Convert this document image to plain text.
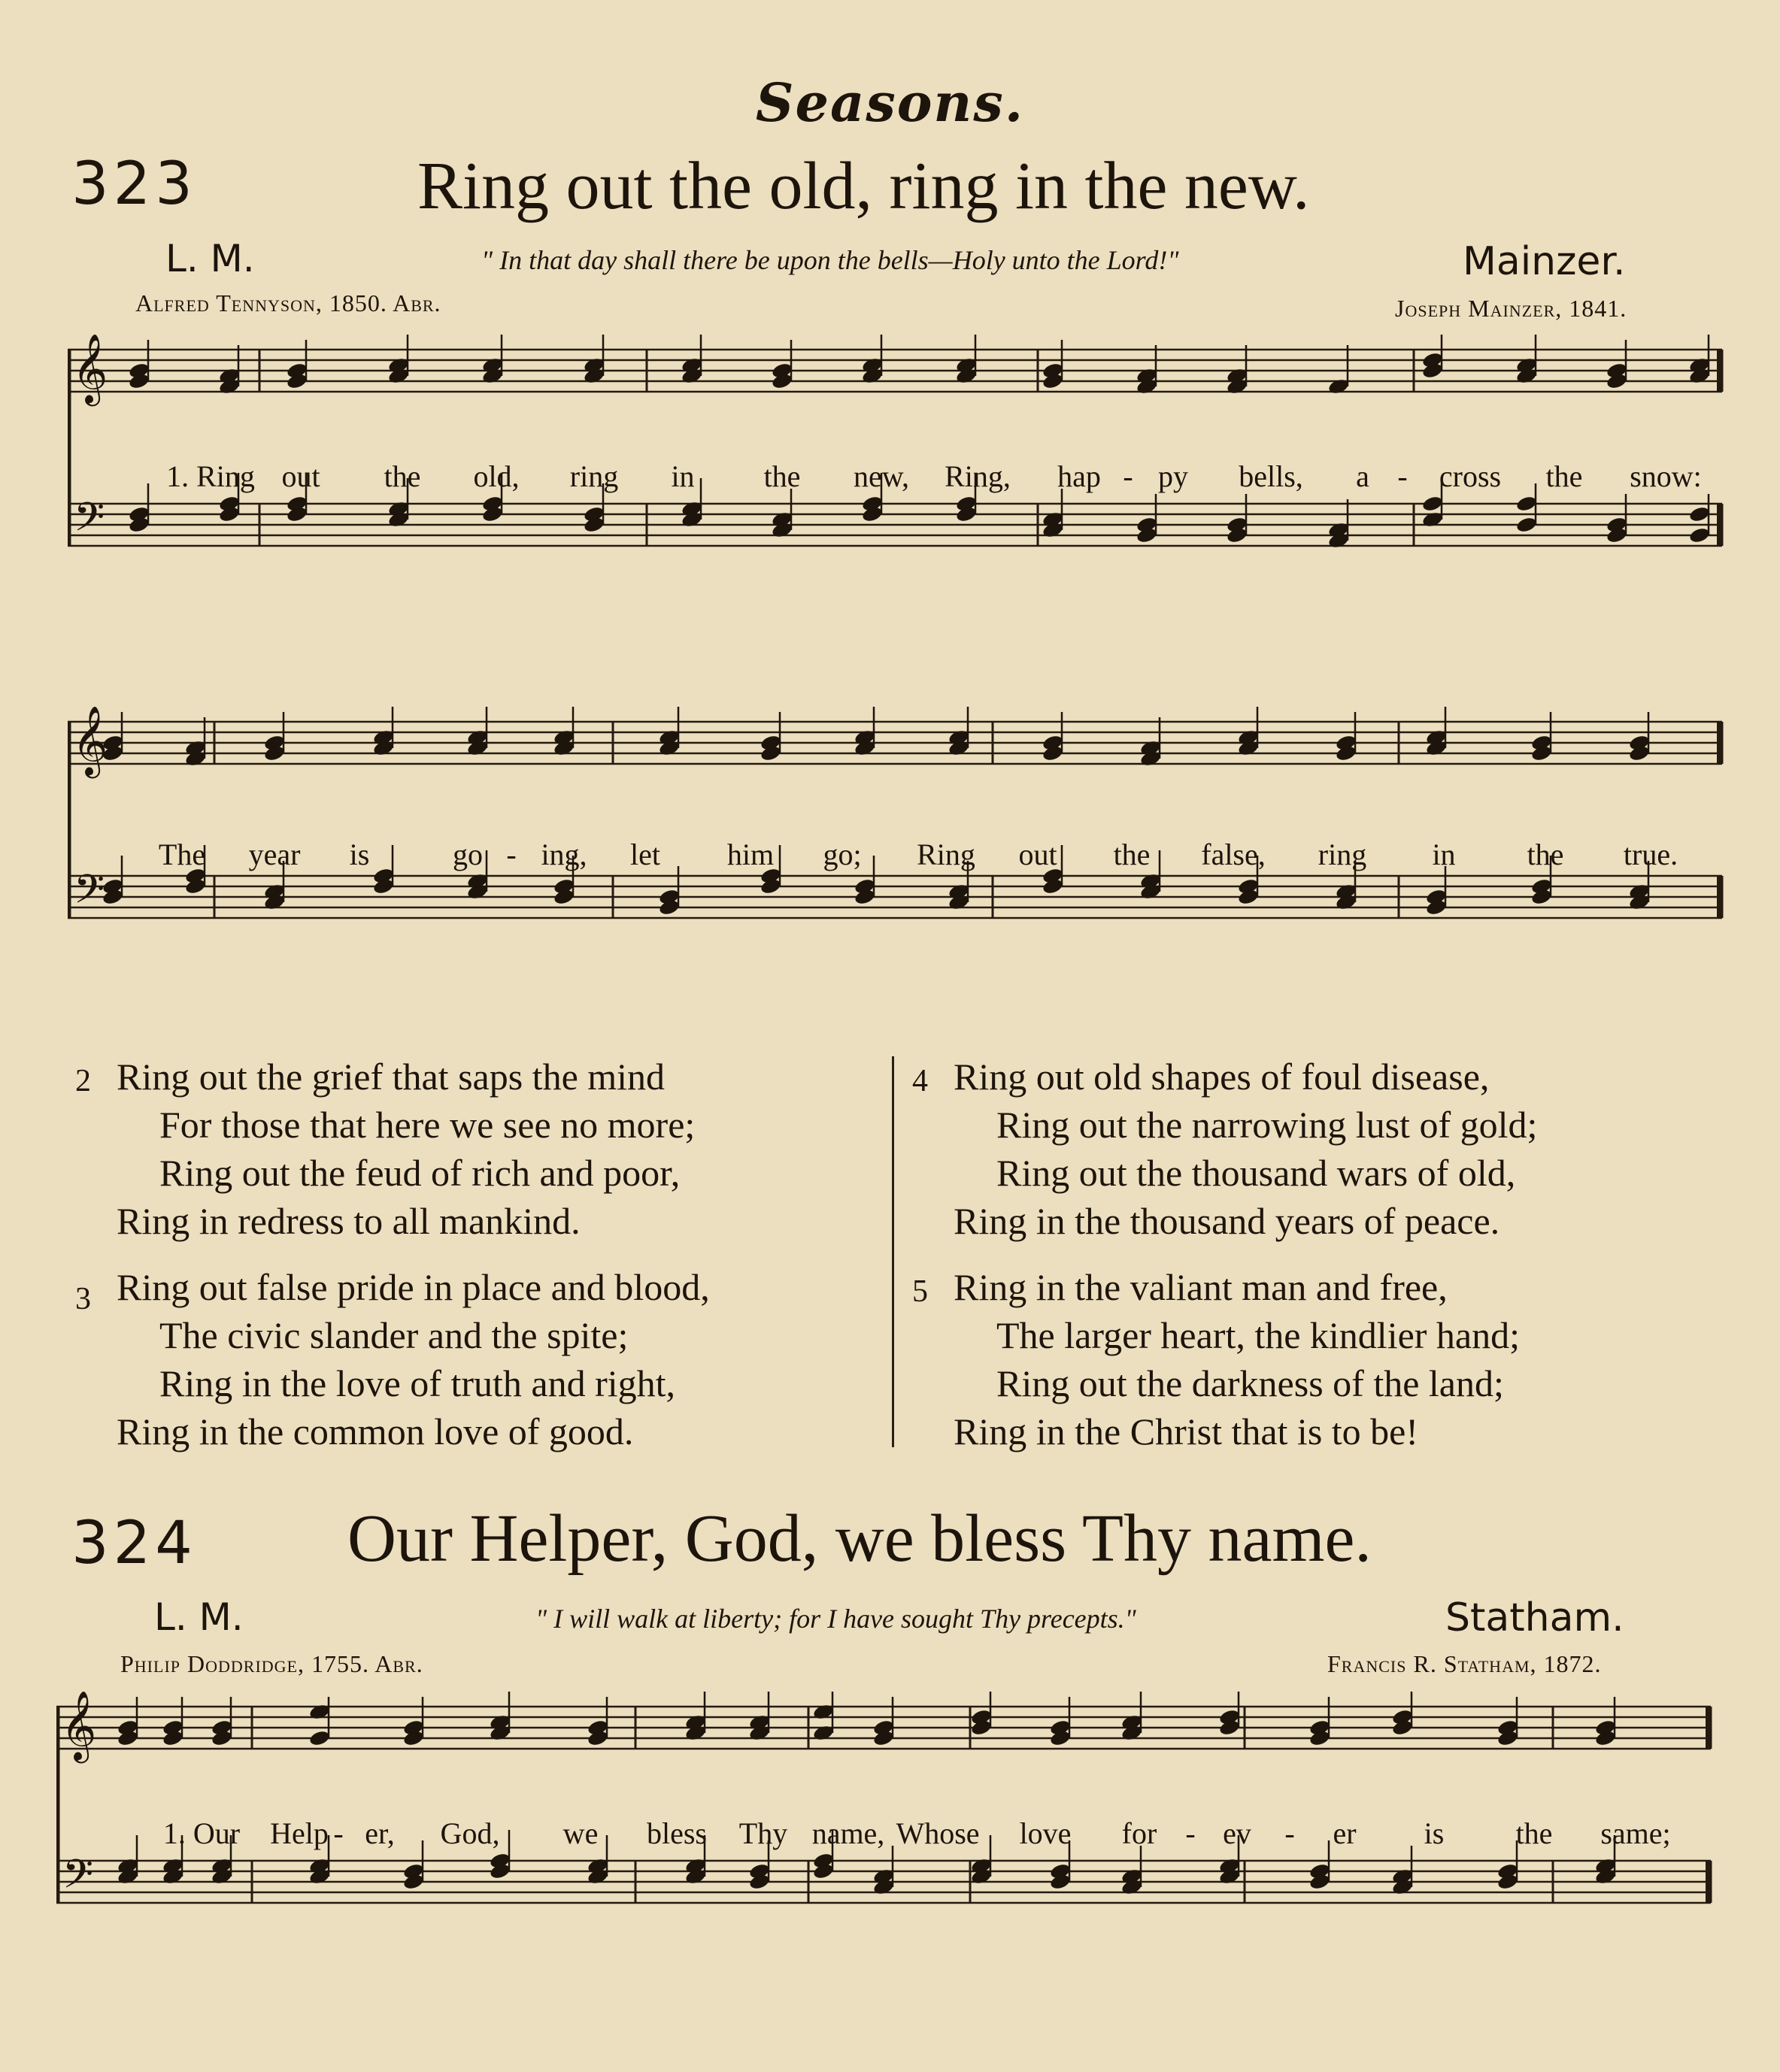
Seasons.
323	Ring out the old, ring in the new.
L. M.	" In that day shall there be upon the bells—Holy unto the Lord!"	Mainzer.
Alfred Tennyson, 1850. Abr.	Joseph Mainzer, 1841.
𝄞
𝄢
1. Ring out the old, ring in the new, Ring, hap - py bells, a - cross the snow:
𝄞
𝄢
The year is	go - ing, let him go; Ring out the false, ring in the true.
2 Ring out the grief that saps the mind
For those that here we see no more;
Ring out the feud of rich and poor,
Ring in redress to all mankind.
3 Ring out false pride in place and blood,
The civic slander and the spite;
Ring in the love of truth and right,
Ring in the common love of good.
4 Ring out old shapes of foul disease,
Ring out the narrowing lust of gold;
Ring out the thousand wars of old,
Ring in the thousand years of peace.
5 Ring in the valiant man and free,
The larger heart, the kindlier hand;
Ring out the darkness of the land;
Ring in the Christ that is to be!
324 Our Helper, God, we bless Thy name.
L. M.	" I will walk at liberty; for I have sought Thy precepts."	Statham.
Philip Doddridge, 1755. Abr.	Francis R. Statham, 1872.
𝄞
𝄢
1. Our Help - er, God, we bless Thy name, Whose love for - ev - er is the same;
